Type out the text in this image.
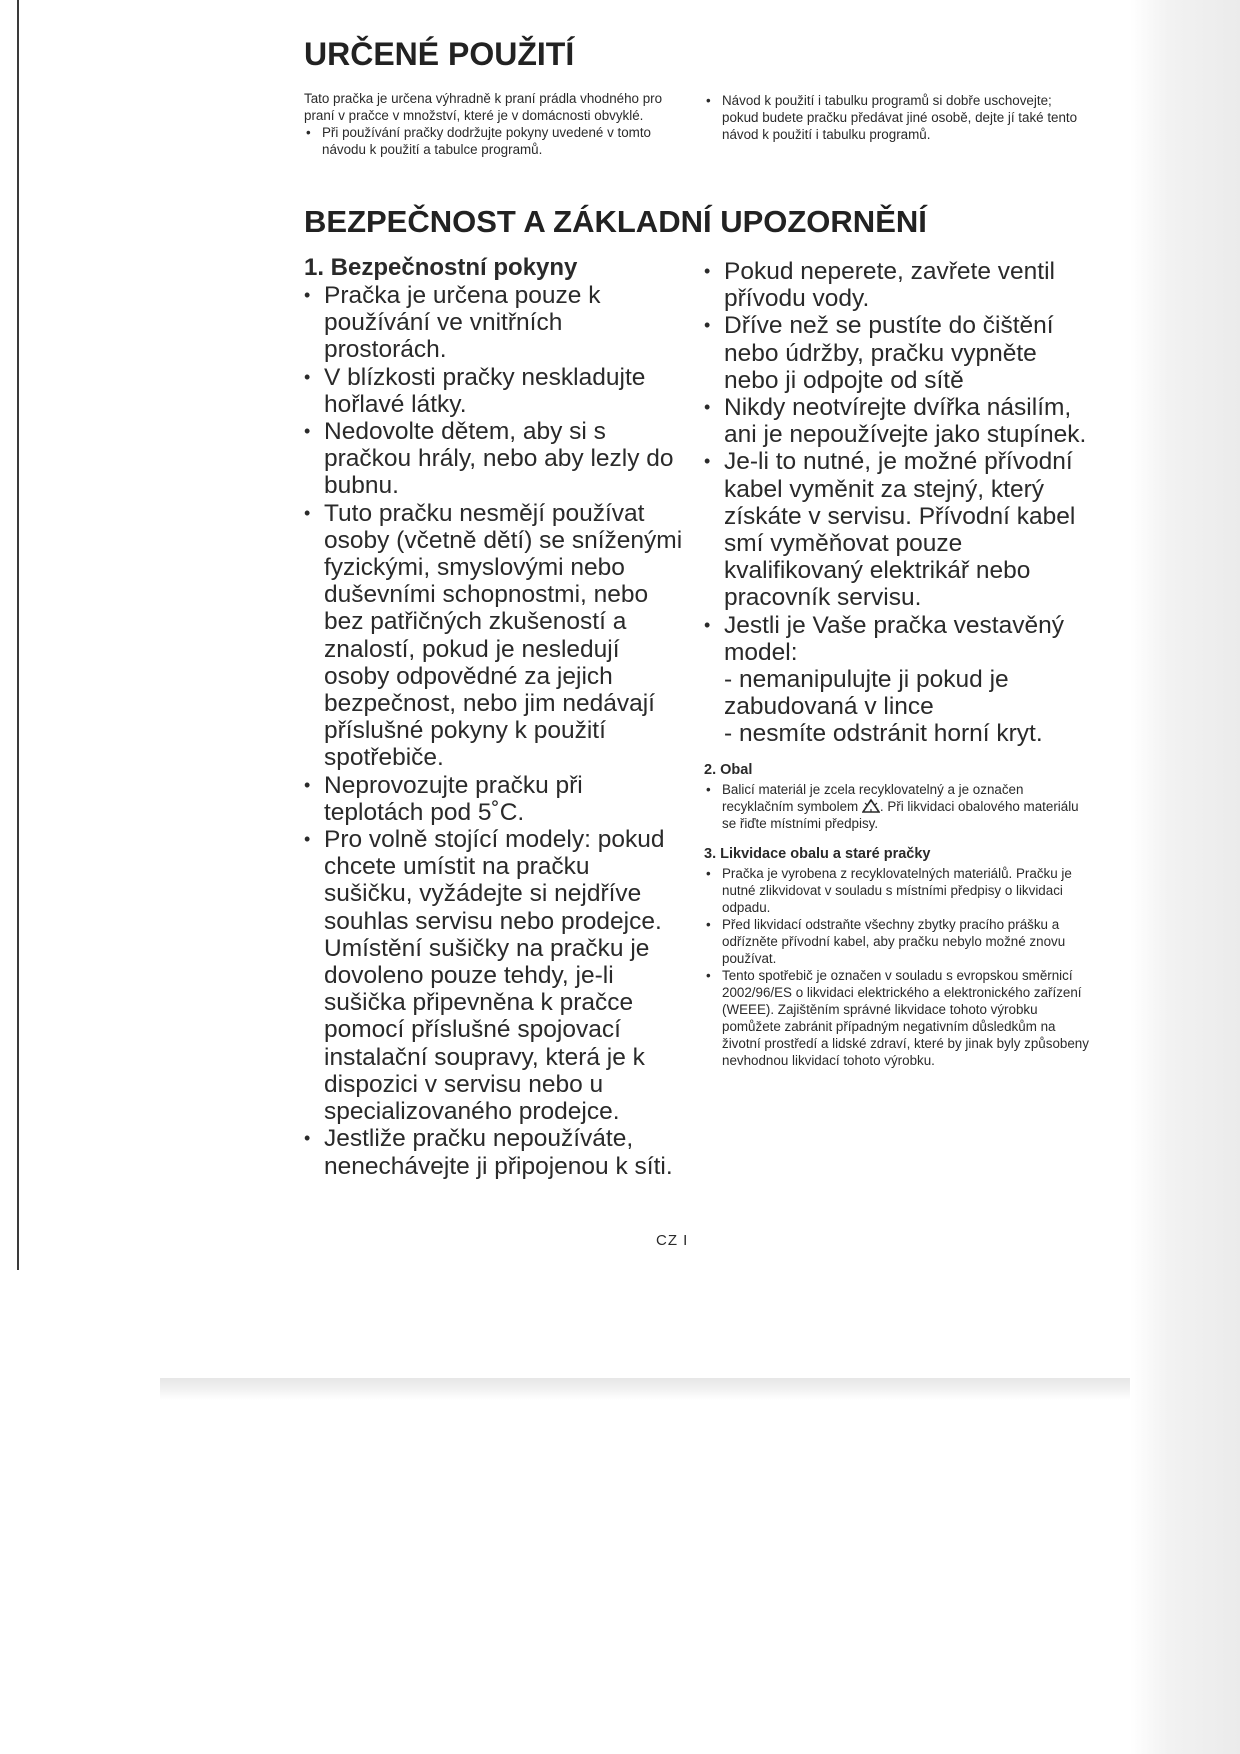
URČENÉ POUŽITÍ

Tato pračka je určena výhradně k praní prádla vhodného pro praní v pračce v množství, které je v domácnosti obvyklé.

• Při používání pračky dodržujte pokyny uvedené v tomto návodu k použití a tabulce programů.
• Návod k použití i tabulku programů si dobře uschovejte; pokud budete pračku předávat jiné osobě, dejte jí také tento návod k použití i tabulku programů.
BEZPEČNOST A ZÁKLADNÍ UPOZORNĚNÍ

1. Bezpečnostní pokyny

• Pračka je určena pouze k používání ve vnitřních prostorách.
• V blízkosti pračky neskladujte hořlavé látky.
• Nedovolte dětem, aby si s pračkou hrály, nebo aby lezly do bubnu.
• Tuto pračku nesmějí používat osoby (včetně dětí) se sníženými fyzickými, smyslovými nebo duševními schopnostmi, nebo bez patřičných zkušeností a znalostí, pokud je nesledují osoby odpovědné za jejich bezpečnost, nebo jim nedávají příslušné pokyny k použití spotřebiče.
• Neprovozujte pračku při teplotách pod 5˚C.
• Pro volně stojící modely: pokud chcete umístit na pračku sušičku, vyžádejte si nejdříve souhlas servisu nebo prodejce. Umístění sušičky na pračku je dovoleno pouze tehdy, je-li sušička připevněna k pračce pomocí příslušné spojovací instalační soupravy, která je k dispozici v servisu nebo u specializovaného prodejce.
• Jestliže pračku nepoužíváte, nenechávejte ji připojenou k síti.
• Pokud neperete, zavřete ventil přívodu vody.
• Dříve než se pustíte do čištění nebo údržby, pračku vypněte nebo ji odpojte od sítě
• Nikdy neotvírejte dvířka násilím, ani je nepoužívejte jako stupínek.
• Je-li to nutné, je možné přívodní kabel vyměnit za stejný, který získáte v servisu. Přívodní kabel smí vyměňovat pouze kvalifikovaný elektrikář nebo pracovník servisu.
• Jestli je Vaše pračka vestavěný model:

- nemanipulujte ji pokud je zabudovaná v lince

- nesmíte odstránit horní kryt.

2. Obal

• Balicí materiál je zcela recyklovatelný a je označen recyklačním symbolem . Při likvidaci obalového materiálu se řiďte místními předpisy.

3. Likvidace obalu a staré pračky

• Pračka je vyrobena z recyklovatelných materiálů. Pračku je nutné zlikvidovat v souladu s místními předpisy o likvidaci odpadu.
• Před likvidací odstraňte všechny zbytky pracího prášku a odřízněte přívodní kabel, aby pračku nebylo možné znovu používat.
• Tento spotřebič je označen v souladu s evropskou směrnicí 2002/96/ES o likvidaci elektrického a elektronického zařízení (WEEE). Zajištěním správné likvidace tohoto výrobku pomůžete zabránit případným negativním důsledkům na životní prostředí a lidské zdraví, které by jinak byly způsobeny nevhodnou likvidací tohoto výrobku.
CZ I
